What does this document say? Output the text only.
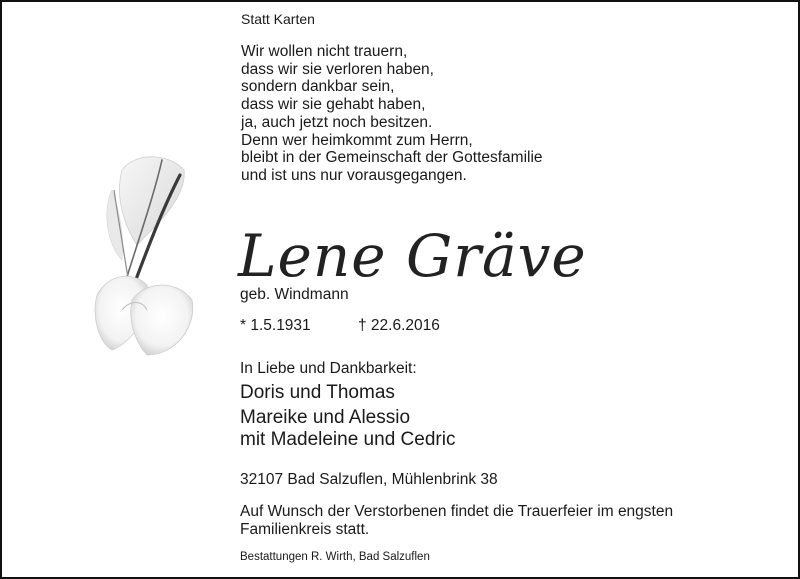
Statt Karten
Wir wollen nicht trauern,
dass wir sie verloren haben,
sondern dankbar sein,
dass wir sie gehabt haben,
ja, auch jetzt noch besitzen.
Denn wer heimkommt zum Herrn,
bleibt in der Gemeinschaft der Gottesfamilie
und ist uns nur vorausgegangen.
Lene Gräve
geb. Windmann
* 1.5.1931	† 22.6.2016
In Liebe und Dankbarkeit:
Doris und Thomas
Mareike und Alessio
mit Madeleine und Cedric
32107 Bad Salzuflen, Mühlenbrink 38
Auf Wunsch der Verstorbenen findet die Trauerfeier im engsten
Familienkreis statt.
Bestattungen R. Wirth, Bad Salzuflen
